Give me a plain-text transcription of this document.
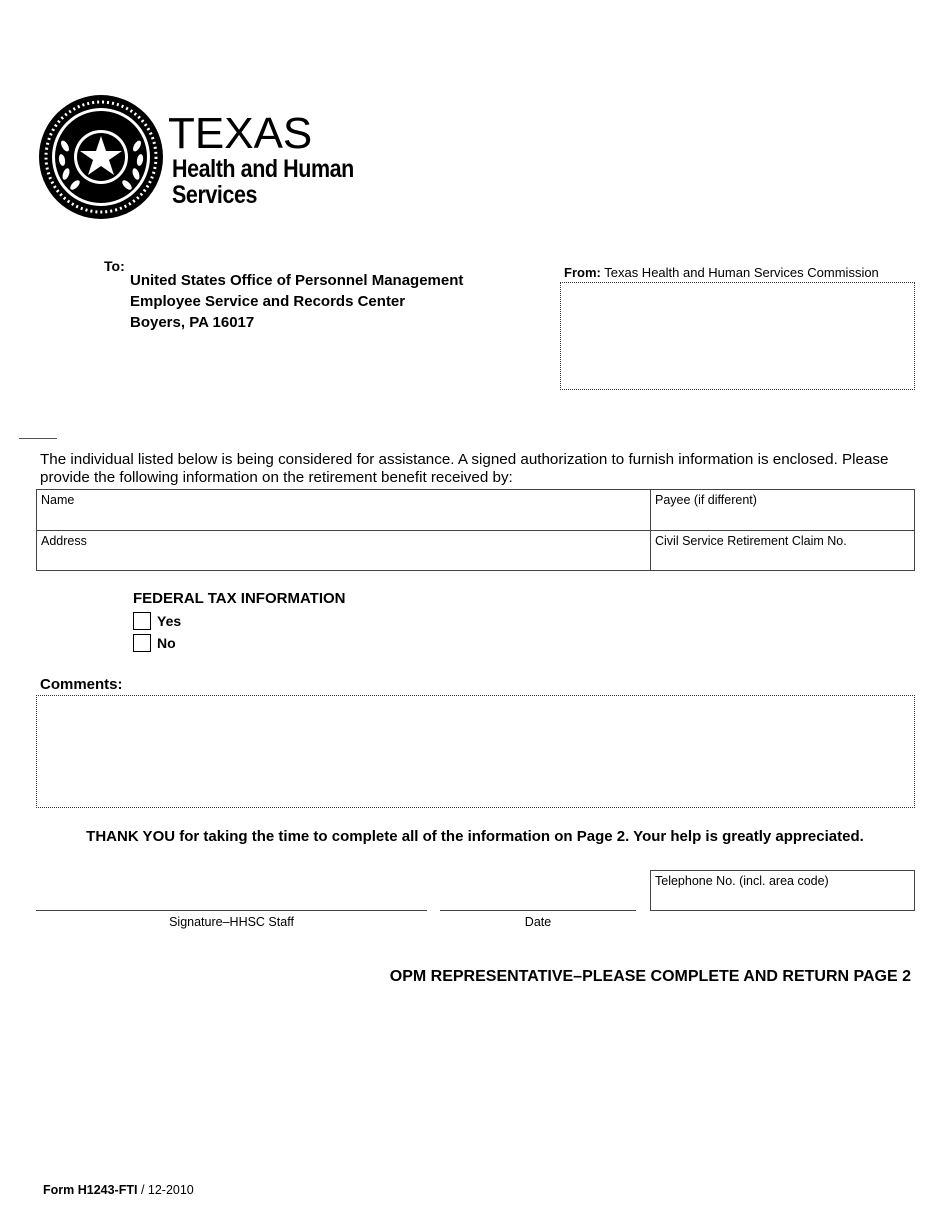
TEXAS
Health and Human
Services
To:
United States Office of Personnel Management
Employee Service and Records Center
Boyers, PA 16017
From: Texas Health and Human Services Commission
The individual listed below is being considered for assistance. A signed authorization to furnish information is enclosed. Please provide the following information on the retirement benefit received by:
Name	Payee (if different)
Address	Civil Service Retirement Claim No.
FEDERAL TAX INFORMATION
Yes
No
Comments:
THANK YOU for taking the time to complete all of the information on Page 2. Your help is greatly appreciated.
Telephone No. (incl. area code)
Signature–HHSC Staff	Date
OPM REPRESENTATIVE–PLEASE COMPLETE AND RETURN PAGE 2
Form H1243-FTI / 12-2010
